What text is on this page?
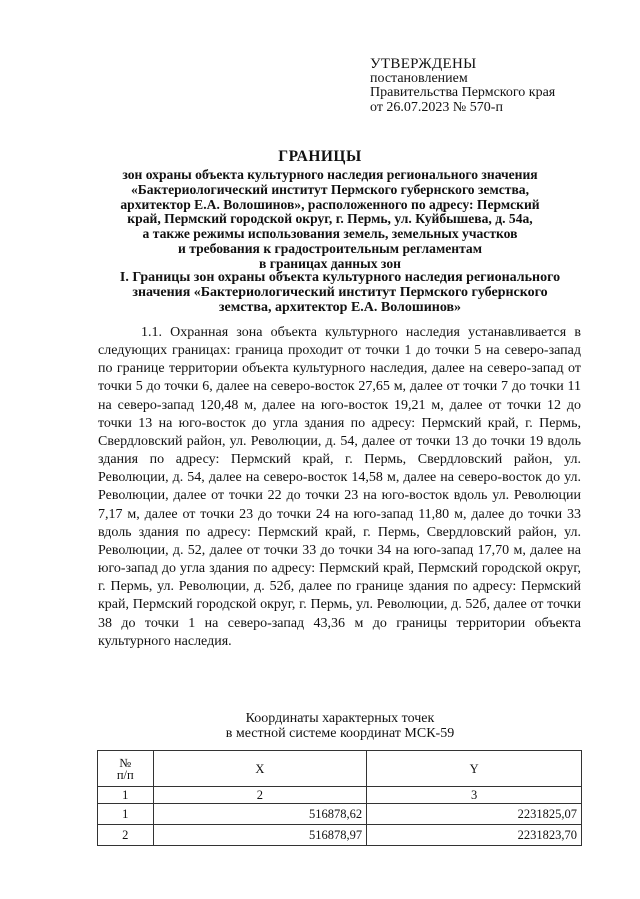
УТВЕРЖДЕНЫ
постановлением
Правительства Пермского края
от 26.07.2023 № 570-п
ГРАНИЦЫ
зон охраны объекта культурного наследия регионального значения
«Бактериологический институт Пермского губернского земства,
архитектор Е.А. Волошинов», расположенного по адресу: Пермский
край, Пермский городской округ, г. Пермь, ул. Куйбышева, д. 54а,
а также режимы использования земель, земельных участков
и требования к градостроительным регламентам
в границах данных зон
I. Границы зон охраны объекта культурного наследия регионального
значения «Бактериологический институт Пермского губернского
земства, архитектор Е.А. Волошинов»
1.1. Охранная зона объекта культурного наследия устанавливается в следующих границах: граница проходит от точки 1 до точки 5 на северо-запад по границе территории объекта культурного наследия, далее на северо-запад от точки 5 до точки 6, далее на северо-восток 27,65 м, далее от точки 7 до точки 11 на северо-запад 120,48 м, далее на юго-восток 19,21 м, далее от точки 12 до точки 13 на юго-восток до угла здания по адресу: Пермский край, г. Пермь, Свердловский район, ул. Революции, д. 54, далее от точки 13 до точки 19 вдоль здания по адресу: Пермский край, г. Пермь, Свердловский район, ул. Революции, д. 54, далее на северо-восток 14,58 м, далее на северо-восток до ул. Революции, далее от точки 22 до точки 23 на юго-восток вдоль ул. Революции 7,17 м, далее от точки 23 до точки 24 на юго-запад 11,80 м, далее до точки 33 вдоль здания по адресу: Пермский край, г. Пермь, Свердловский район, ул. Революции, д. 52, далее от точки 33 до точки 34 на юго-запад 17,70 м, далее на юго-запад до угла здания по адресу: Пермский край, Пермский городской округ, г. Пермь, ул. Революции, д. 52б, далее по границе здания по адресу: Пермский край, Пермский городской округ, г. Пермь, ул. Революции, д. 52б, далее от точки 38 до точки 1 на северо-запад 43,36 м до границы территории объекта культурного наследия.
Координаты характерных точек
в местной системе координат МСК-59
№
п/п	X	Y
1	2	3
1	516878,62	2231825,07
2	516878,97	2231823,70
